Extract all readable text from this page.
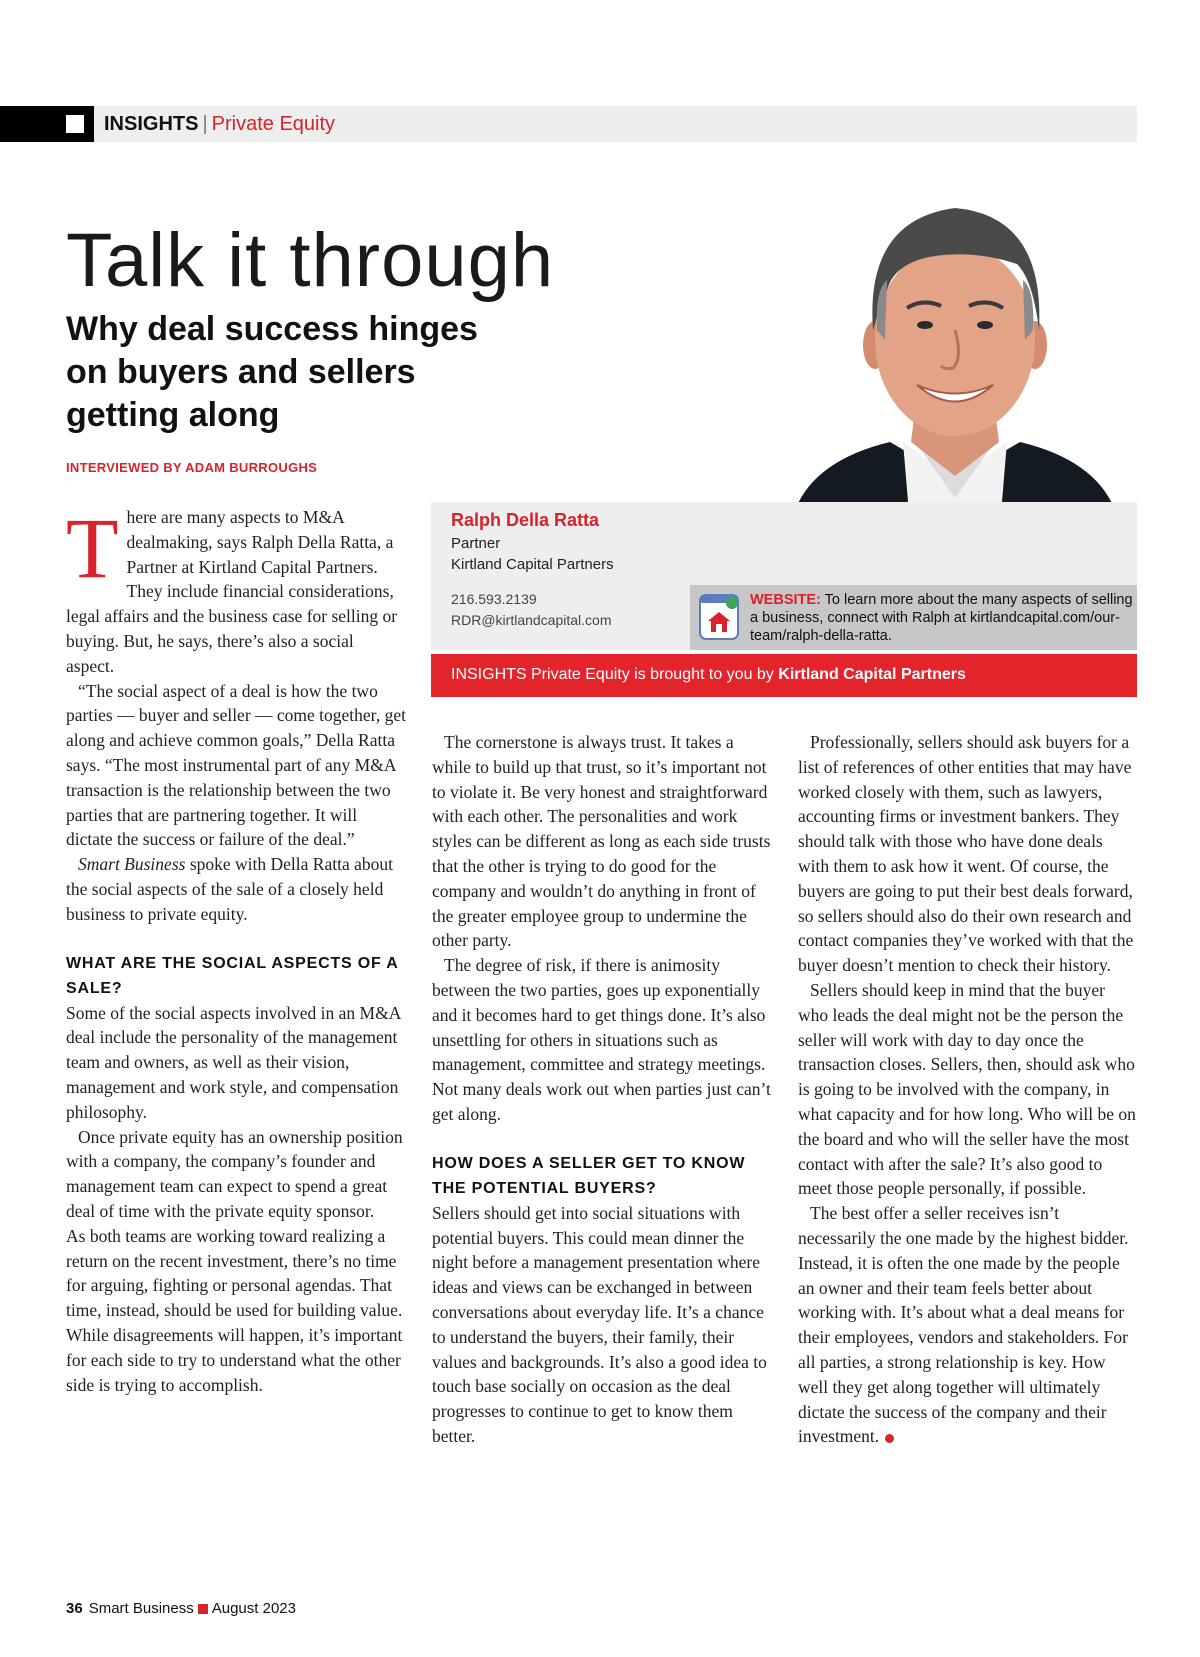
INSIGHTS | Private Equity
Talk it through
Why deal success hinges on buyers and sellers getting along
INTERVIEWED BY ADAM BURROUGHS
Ralph Della Ratta
Partner
Kirtland Capital Partners
216.593.2139
RDR@kirtlandcapital.com
WEBSITE: To learn more about the many aspects of selling a business, connect with Ralph at kirtlandcapital.com/our-team/ralph-della-ratta.
INSIGHTS Private Equity is brought to you by Kirtland Capital Partners

There are many aspects to M&A dealmaking, says Ralph Della Ratta, a Partner at Kirtland Capital Partners. They include financial considerations, legal affairs and the business case for selling or buying. But, he says, there’s also a social aspect.

“The social aspect of a deal is how the two parties — buyer and seller — come together, get along and achieve common goals,” Della Ratta says. “The most instrumental part of any M&A transaction is the relationship between the two parties that are partnering together. It will dictate the success or failure of the deal.”

Smart Business spoke with Della Ratta about the social aspects of the sale of a closely held business to private equity.

WHAT ARE THE SOCIAL ASPECTS OF A SALE?

Some of the social aspects involved in an M&A deal include the personality of the management team and owners, as well as their vision, management and work style, and compensation philosophy.

Once private equity has an ownership position with a company, the company’s founder and management team can expect to spend a great deal of time with the private equity sponsor.

As both teams are working toward realizing a return on the recent investment, there’s no time for arguing, fighting or personal agendas. That time, instead, should be used for building value. While disagreements will happen, it’s important for each side to try to understand what the other side is trying to accomplish.

The cornerstone is always trust. It takes a while to build up that trust, so it’s important not to violate it. Be very honest and straightforward with each other. The personalities and work styles can be different as long as each side trusts that the other is trying to do good for the company and wouldn’t do anything in front of the greater employee group to undermine the other party.

The degree of risk, if there is animosity between the two parties, goes up exponentially and it becomes hard to get things done. It’s also unsettling for others in situations such as management, committee and strategy meetings. Not many deals work out when parties just can’t get along.

HOW DOES A SELLER GET TO KNOW THE POTENTIAL BUYERS?

Sellers should get into social situations with potential buyers. This could mean dinner the night before a management presentation where ideas and views can be exchanged in between conversations about everyday life. It’s a chance to understand the buyers, their family, their values and backgrounds. It’s also a good idea to touch base socially on occasion as the deal progresses to continue to get to know them better.

Professionally, sellers should ask buyers for a list of references of other entities that may have worked closely with them, such as lawyers, accounting firms or investment bankers. They should talk with those who have done deals with them to ask how it went. Of course, the buyers are going to put their best deals forward, so sellers should also do their own research and contact companies they’ve worked with that the buyer doesn’t mention to check their history.

Sellers should keep in mind that the buyer who leads the deal might not be the person the seller will work with day to day once the transaction closes. Sellers, then, should ask who is going to be involved with the company, in what capacity and for how long. Who will be on the board and who will the seller have the most contact with after the sale? It’s also good to meet those people personally, if possible.

The best offer a seller receives isn’t necessarily the one made by the highest bidder. Instead, it is often the one made by the people an owner and their team feels better about working with. It’s about what a deal means for their employees, vendors and stakeholders. For all parties, a strong relationship is key. How well they get along together will ultimately dictate the success of the company and their investment.

36 Smart Business August 2023
